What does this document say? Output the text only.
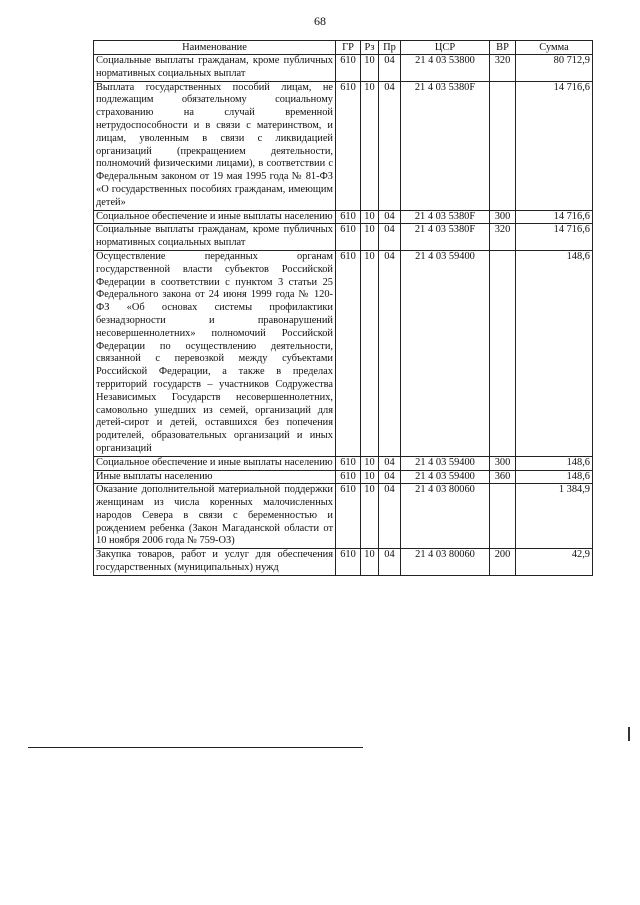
68
Наименование	ГР	Рз	Пр	ЦСР	ВР	Сумма
Социальные выплаты гражданам, кроме публичных нормативных социальных выплат	610	10	04	21 4 03 53800	320	80 712,9
Выплата государственных пособий лицам, не подлежащим обязательному социальному страхованию на случай временной нетрудоспособности и в связи с материнством, и лицам, уволенным в связи с ликвидацией организаций (прекращением деятельности, полномочий физическими лицами), в соответствии с Федеральным законом от 19 мая 1995 года № 81-ФЗ «О государственных пособиях гражданам, имеющим детей»	610	10	04	21 4 03 5380F		14 716,6
Социальное обеспечение и иные выплаты населению	610	10	04	21 4 03 5380F	300	14 716,6
Социальные выплаты гражданам, кроме публичных нормативных социальных выплат	610	10	04	21 4 03 5380F	320	14 716,6
Осуществление переданных органам государственной власти субъектов Российской Федерации в соответствии с пунктом 3 статьи 25 Федерального закона от 24 июня 1999 года № 120-ФЗ «Об основах системы профилактики безнадзорности и правонарушений несовершеннолетних» полномочий Российской Федерации по осуществлению деятельности, связанной с перевозкой между субъектами Российской Федерации, а также в пределах территорий государств – участников Содружества Независимых Государств несовершеннолетних, самовольно ушедших из семей, организаций для детей-сирот и детей, оставшихся без попечения родителей, образовательных организаций и иных организаций	610	10	04	21 4 03 59400		148,6
Социальное обеспечение и иные выплаты населению	610	10	04	21 4 03 59400	300	148,6
Иные выплаты населению	610	10	04	21 4 03 59400	360	148,6
Оказание дополнительной материальной поддержки женщинам из числа коренных малочисленных народов Севера в связи с беременностью и рождением ребенка (Закон Магаданской области от 10 ноября 2006 года № 759-ОЗ)	610	10	04	21 4 03 80060		1 384,9
Закупка товаров, работ и услуг для обеспечения государственных (муниципальных) нужд	610	10	04	21 4 03 80060	200	42,9
